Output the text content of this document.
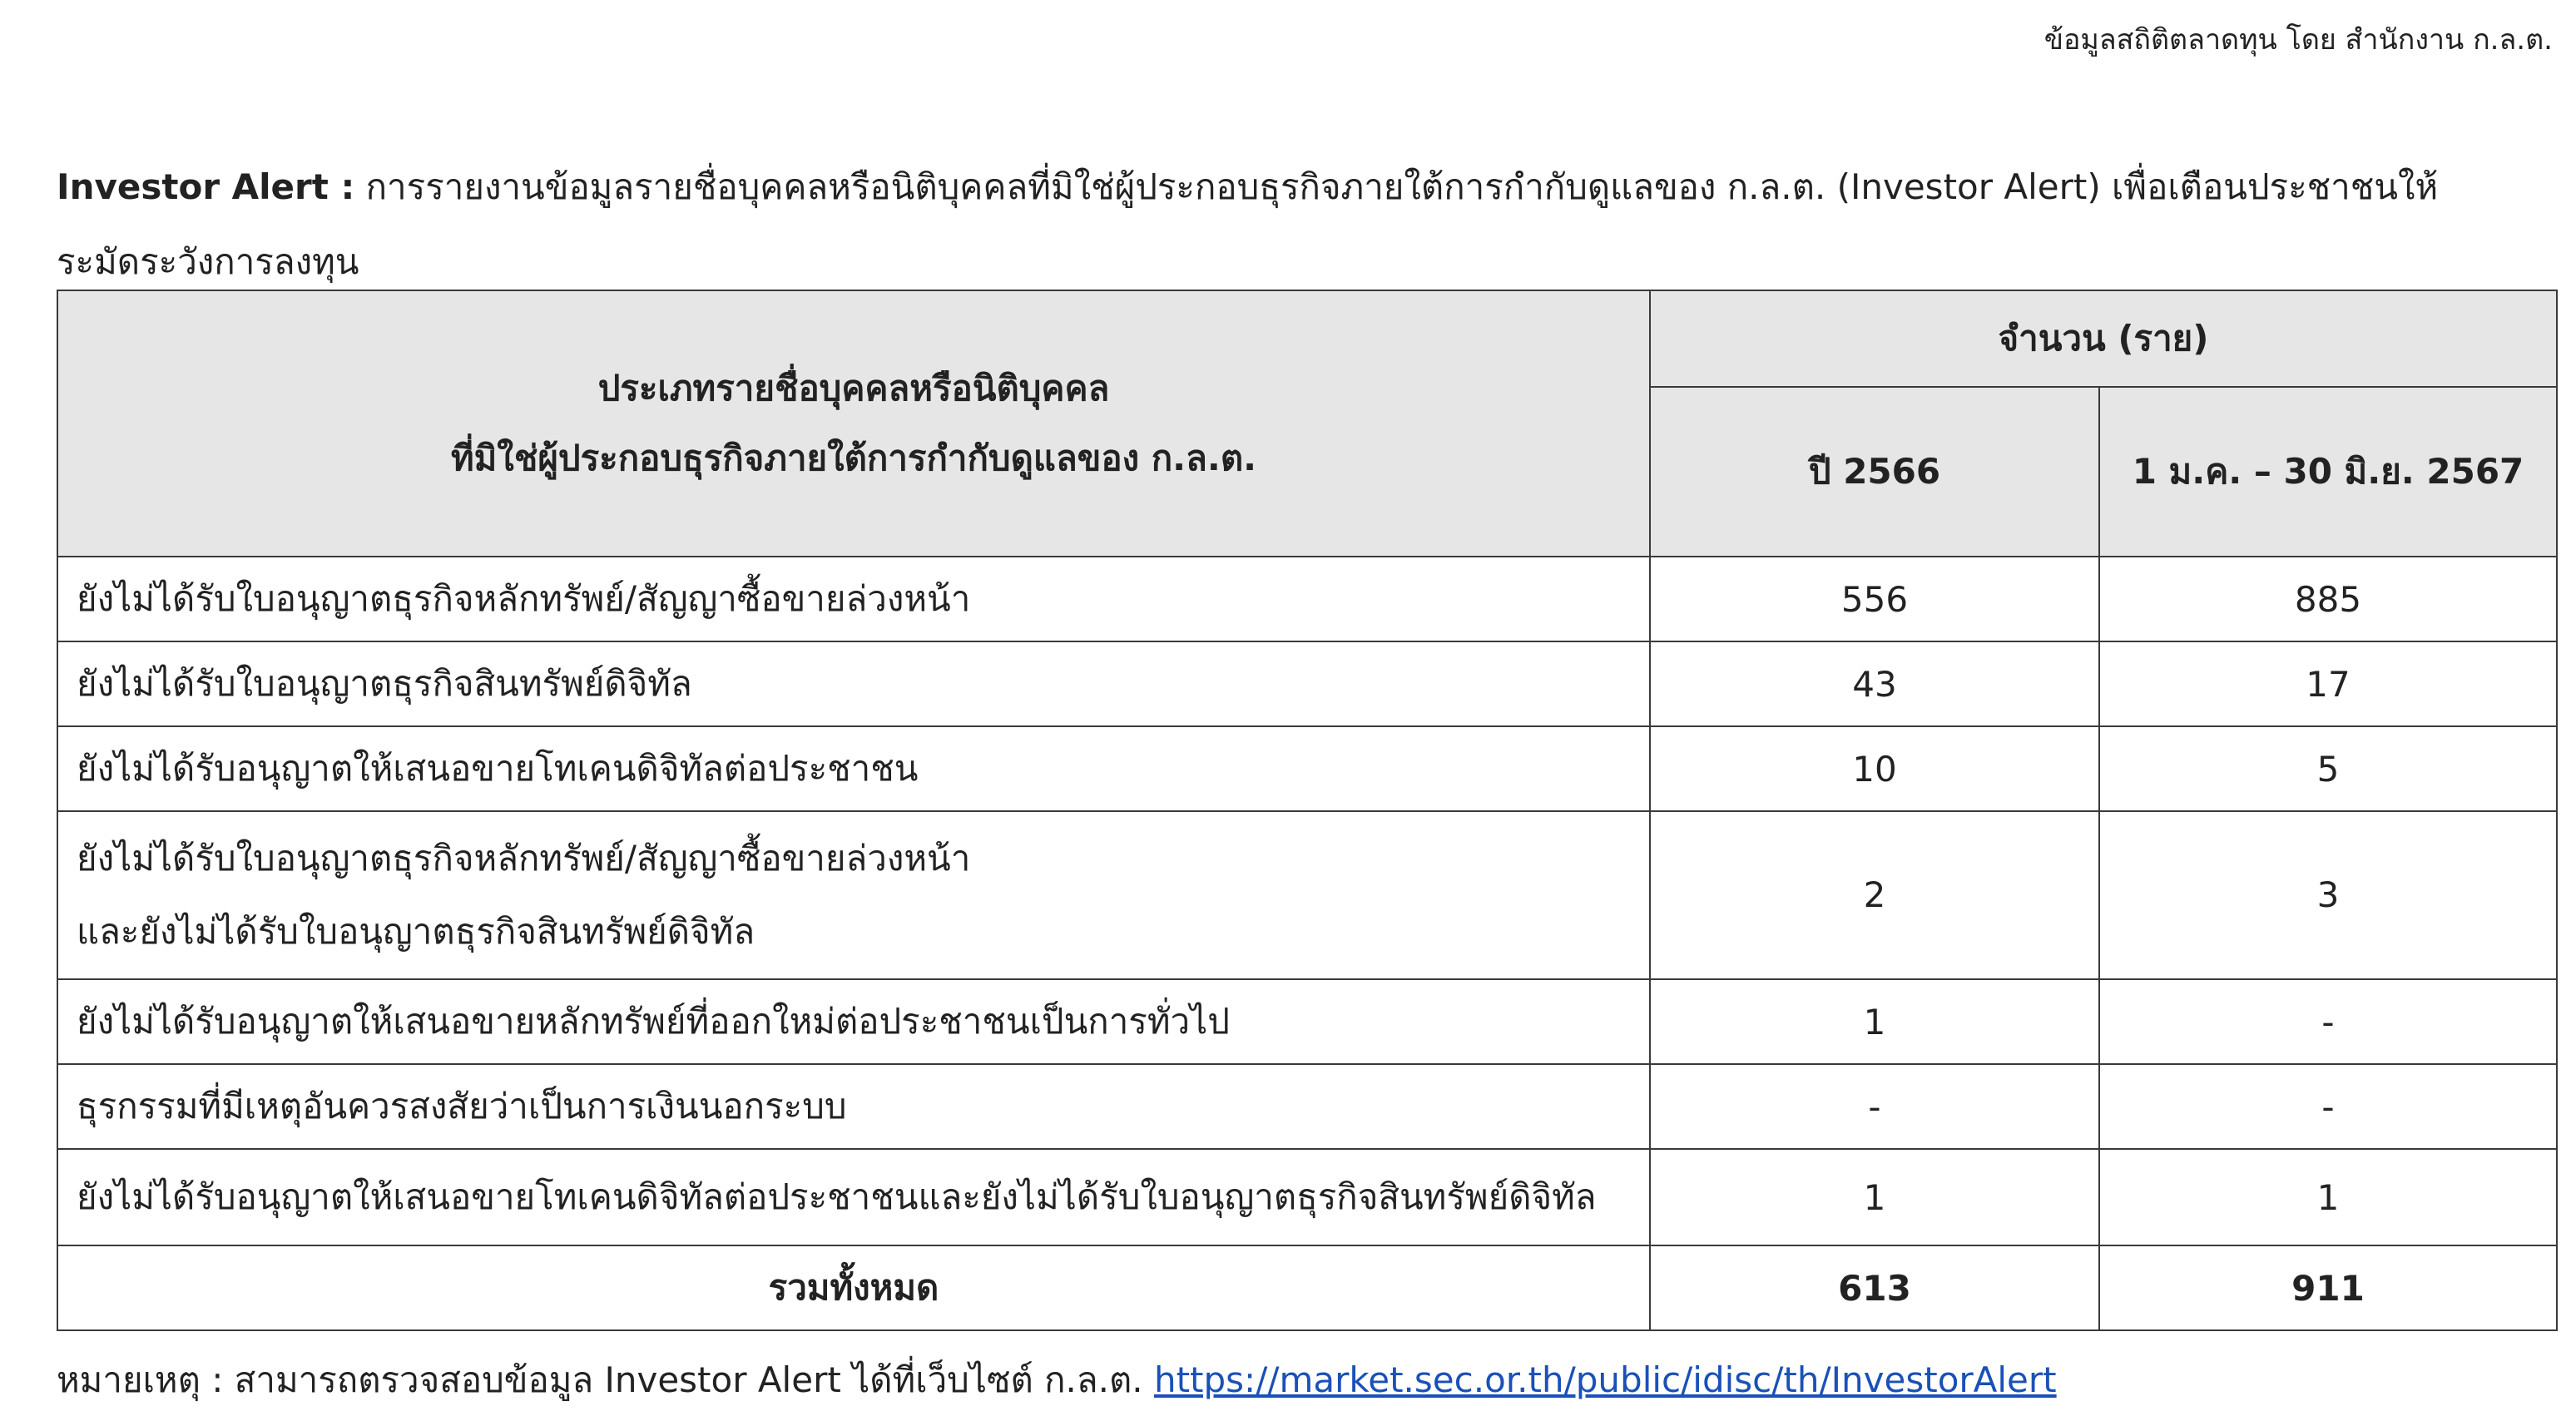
ข้อมูลสถิติตลาดทุน โดย สำนักงาน ก.ล.ต.
Investor Alert : การรายงานข้อมูลรายชื่อบุคคลหรือนิติบุคคลที่มิใช่ผู้ประกอบธุรกิจภายใต้การกำกับดูแลของ ก.ล.ต. (Investor Alert) เพื่อเตือนประชาชนให้ระมัดระวังการลงทุน
ประเภทรายชื่อบุคคลหรือนิติบุคคล
ที่มิใช่ผู้ประกอบธุรกิจภายใต้การกำกับดูแลของ ก.ล.ต.	จำนวน (ราย)	
	ปี 2566	1 ม.ค. – 30 มิ.ย. 2567
ยังไม่ได้รับใบอนุญาตธุรกิจหลักทรัพย์/สัญญาซื้อขายล่วงหน้า	556	885
ยังไม่ได้รับใบอนุญาตธุรกิจสินทรัพย์ดิจิทัล	43	17
ยังไม่ได้รับอนุญาตให้เสนอขายโทเคนดิจิทัลต่อประชาชน	10	5

ยังไม่ได้รับใบอนุญาตธุรกิจหลักทรัพย์/สัญญาซื้อขายล่วงหน้า
และยังไม่ได้รับใบอนุญาตธุรกิจสินทรัพย์ดิจิทัล	2	3
ยังไม่ได้รับอนุญาตให้เสนอขายหลักทรัพย์ที่ออกใหม่ต่อประชาชนเป็นการทั่วไป	1	-
ธุรกรรมที่มีเหตุอันควรสงสัยว่าเป็นการเงินนอกระบบ	-	-
ยังไม่ได้รับอนุญาตให้เสนอขายโทเคนดิจิทัลต่อประชาชนและยังไม่ได้รับใบอนุญาตธุรกิจสินทรัพย์ดิจิทัล	1	1
รวมทั้งหมด	613	911
หมายเหตุ : สามารถตรวจสอบข้อมูล Investor Alert ได้ที่เว็บไซต์ ก.ล.ต. https://market.sec.or.th/public/idisc/th/InvestorAlert
